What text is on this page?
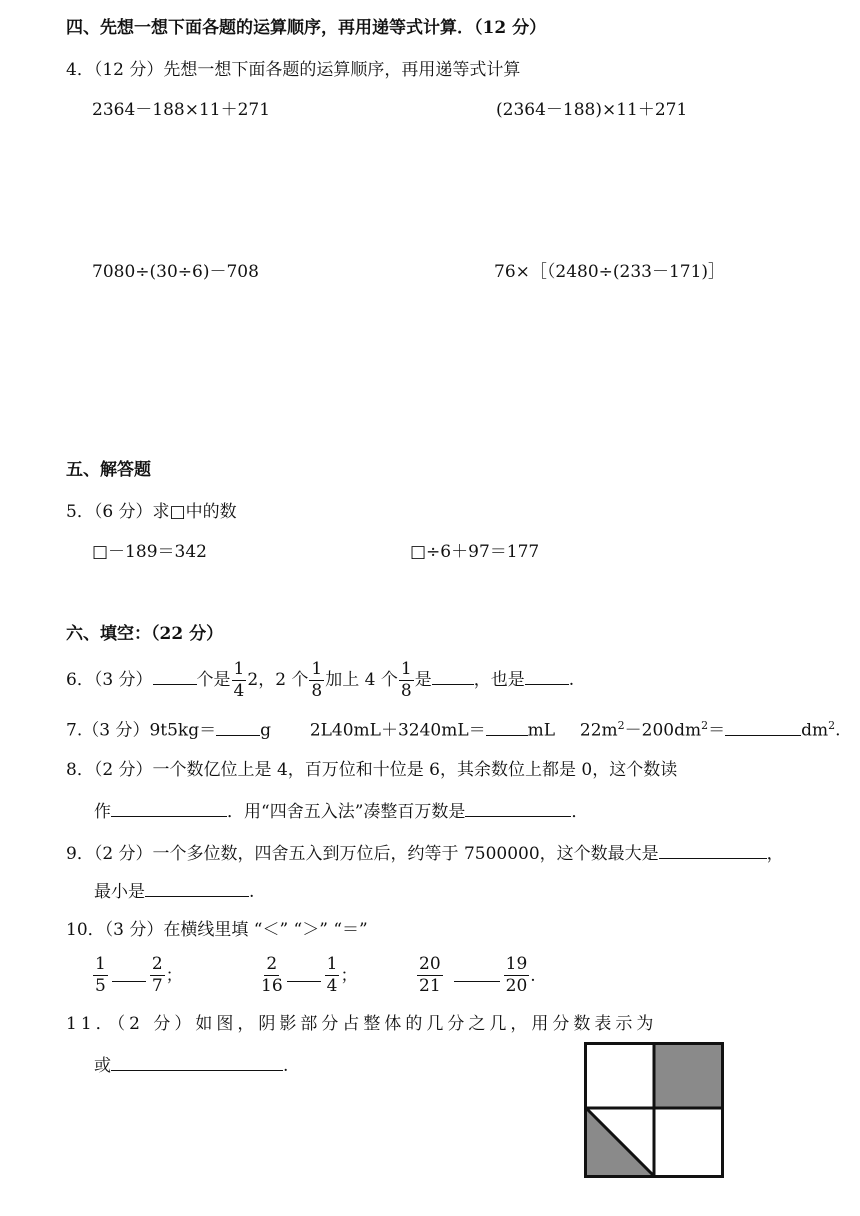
四、先想一想下面各题的运算顺序，再用递等式计算．（12 分）
4．（12 分）先想一想下面各题的运算顺序，再用递等式计算
2364－188×11＋271	(2364－188)×11＋271
7080÷(30÷6)－708	76×［（2480÷(233－171)］
五、解答题
5．（6 分）求□中的数
□－189＝342	□÷6＋97＝177
六、填空：（22 分）
6．（3 分）	个是 $\frac{1}{4} 2$，2 个 $\frac{1}{8}$ 加上 4 个 $\frac{1}{8}$ 是 ，也是	.
7.（3 分）9t5kg＝	g 2L40mL＋3240mL＝ mL $22m^2-200dm^2=$	$dm^2$.
8．（2 分）一个数亿位上是 4，百万位和十位是 6，其余数位上都是 0，这个数读
作	．用“四舍五入法”凑整百万数是	．
9．（2 分）一个多位数，四舍五入到万位后，约等于 7500000，这个数最大是	，
最小是	.
10．（3 分）在横线里填 “＜” “＞” “＝”
$\frac{1}{5} \frac{2}{7}$ ；	$\frac{2}{16} \frac{1}{4}$ ；	$\frac{20}{21}$	$\frac{19}{20}$ .
11．（2 分）如图，阴影部分占整体的几分之几，用分数表示为
或	.
